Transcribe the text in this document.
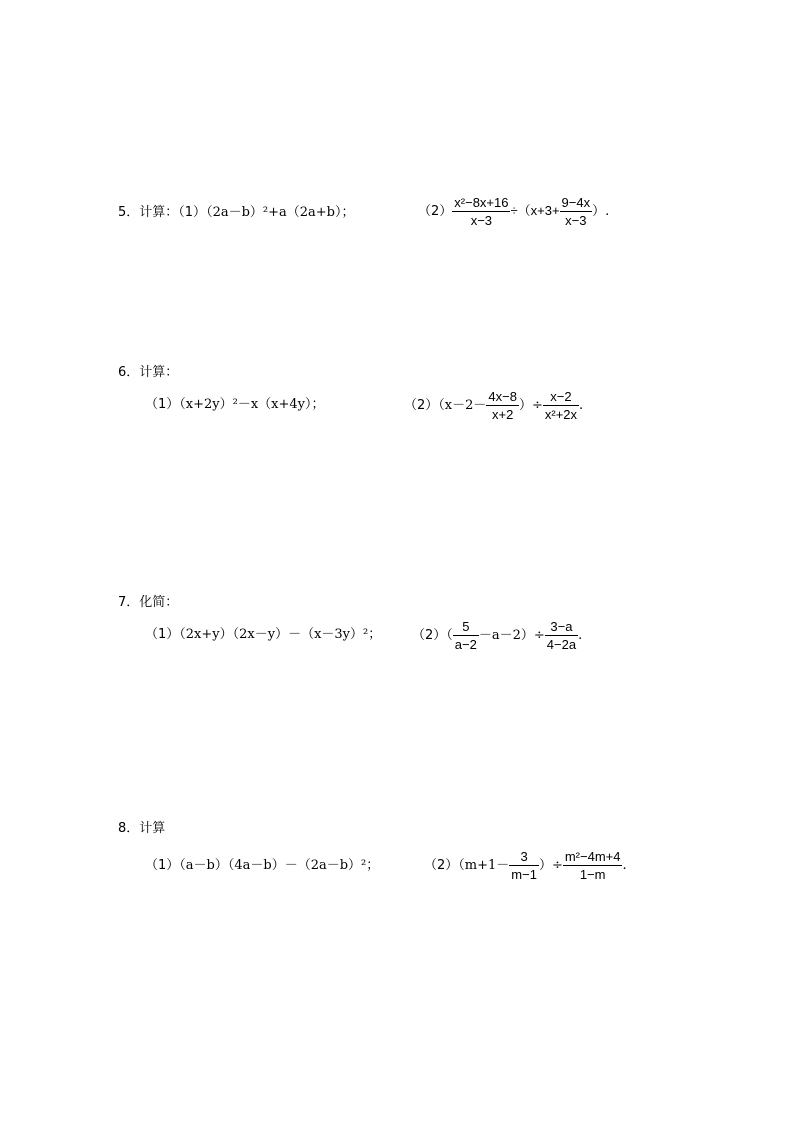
5．计算：（1）（2a－b）²+a（2a+b）；	$(2) \frac{\text{x²−8x+16}}{x-3} \div(x+3+ \frac{9-4x}{x-3}$ ）.
6．计算：
（1）（x+2y）²－x（x+4y）；	$(2)(x-2- \frac{4x-8}{x+2}$ ）÷ $\frac{x-2}{\text{x²+2x}}$ .
7．化简：
（1）（2x+y）（2x－y）－（x－3y）²； $(2)( \frac{5}{a-2} -a-2)\div \frac{3-a}{4-2a}$ .
8．计算
（1）（a－b）（4a－b）－（2a－b）²；	$(2)(m+1- \frac{3}{m-1}$ ）÷ $\frac{\text{m²−4m+4}}{1-m}$ .
